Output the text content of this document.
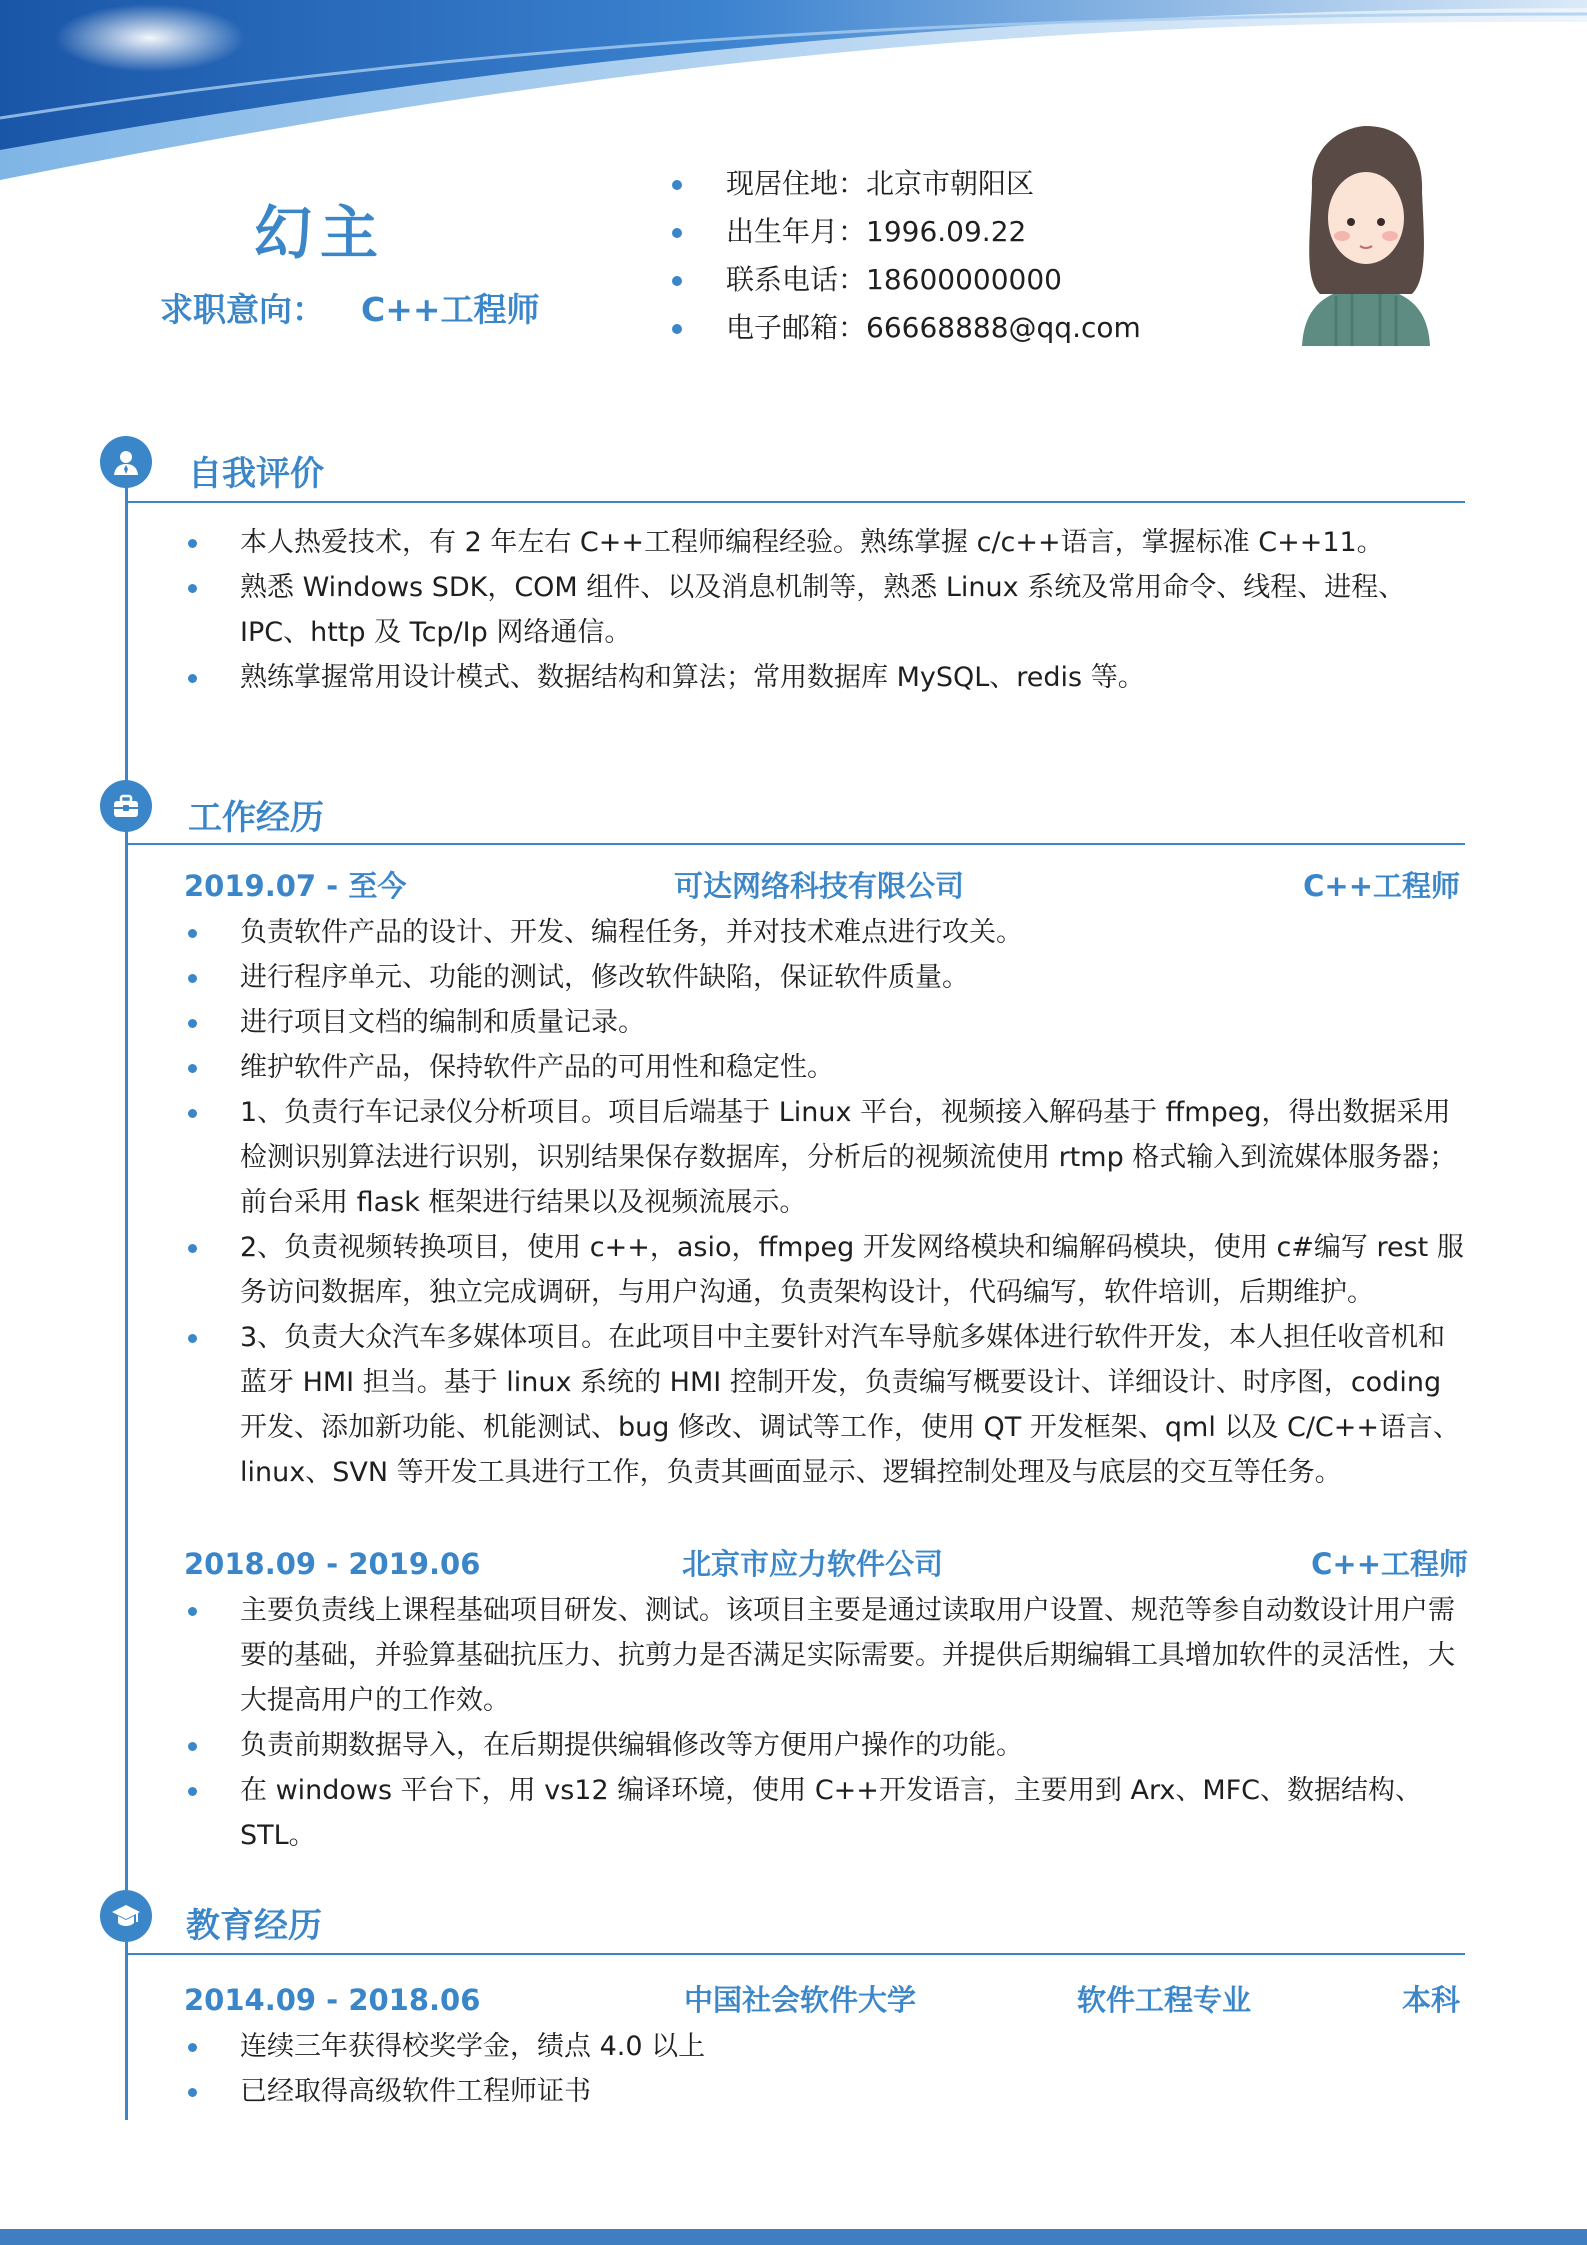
幻主
求职意向： C++工程师
现居住地：北京市朝阳区
出生年月：1996.09.22
联系电话：18600000000
电子邮箱：66668888@qq.com
自我评价
本人热爱技术，有 2 年左右 C++工程师编程经验。熟练掌握 c/c++语言，掌握标准 C++11。
熟悉 Windows SDK，COM 组件、以及消息机制等，熟悉 Linux 系统及常用命令、线程、进程、IPC、http 及 Tcp/Ip 网络通信。
熟练掌握常用设计模式、数据结构和算法；常用数据库 MySQL、redis 等。
工作经历
2019.07 - 至今	可达网络科技有限公司	C++工程师
负责软件产品的设计、开发、编程任务，并对技术难点进行攻关。
进行程序单元、功能的测试，修改软件缺陷，保证软件质量。
进行项目文档的编制和质量记录。
维护软件产品，保持软件产品的可用性和稳定性。
1、负责行车记录仪分析项目。项目后端基于 Linux 平台，视频接入解码基于 ffmpeg，得出数据采用检测识别算法进行识别，识别结果保存数据库，分析后的视频流使用 rtmp 格式输入到流媒体服务器；前台采用 flask 框架进行结果以及视频流展示。
2、负责视频转换项目，使用 c++，asio，ffmpeg 开发网络模块和编解码模块，使用 c#编写 rest 服务访问数据库，独立完成调研，与用户沟通，负责架构设计，代码编写，软件培训，后期维护。
3、负责大众汽车多媒体项目。在此项目中主要针对汽车导航多媒体进行软件开发，本人担任收音机和蓝牙 HMI 担当。基于 linux 系统的 HMI 控制开发，负责编写概要设计、详细设计、时序图，coding 开发、添加新功能、机能测试、bug 修改、调试等工作，使用 QT 开发框架、qml 以及 C/C++语言、linux、SVN 等开发工具进行工作，负责其画面显示、逻辑控制处理及与底层的交互等任务。
2018.09 - 2019.06	北京市应力软件公司	C++工程师
主要负责线上课程基础项目研发、测试。该项目主要是通过读取用户设置、规范等参自动数设计用户需要的基础，并验算基础抗压力、抗剪力是否满足实际需要。并提供后期编辑工具增加软件的灵活性，大大提高用户的工作效。
负责前期数据导入，在后期提供编辑修改等方便用户操作的功能。
在 windows 平台下，用 vs12 编译环境，使用 C++开发语言，主要用到 Arx、MFC、数据结构、STL。
教育经历
2014.09 - 2018.06	中国社会软件大学	软件工程专业	本科
连续三年获得校奖学金，绩点 4.0 以上
已经取得高级软件工程师证书
